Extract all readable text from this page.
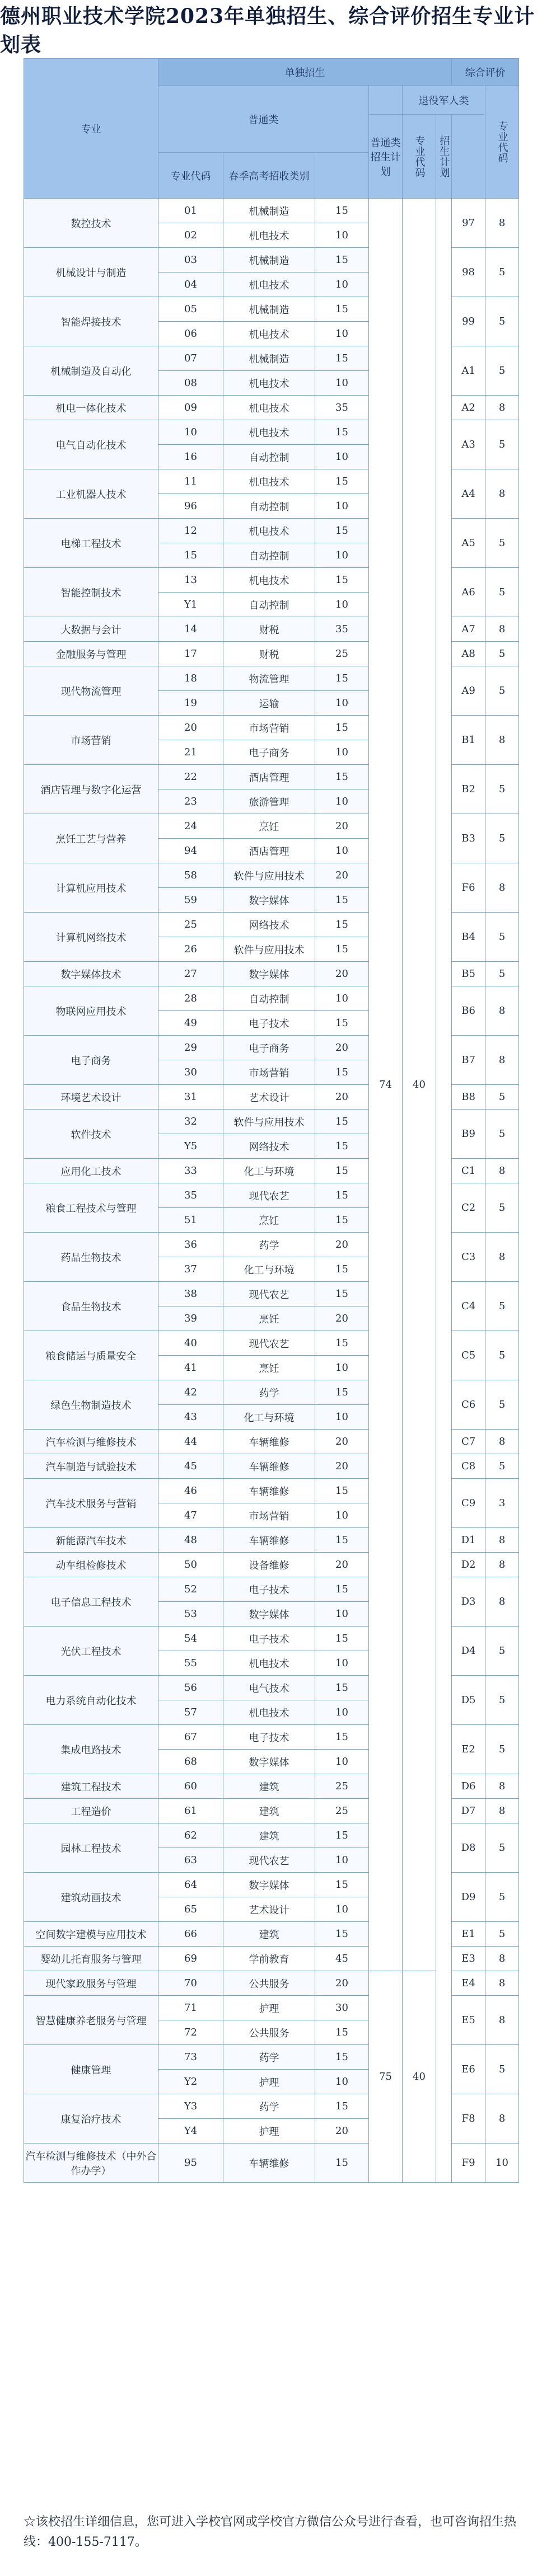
德州职业技术学院2023年单独招生、综合评价招生专业计划表
专业	单独招生						综合评价		
	普通类				退役军人类			专业代码	
				普通类招生计划	专业代码	招生计划			
	专业代码	春季高考招收类别							
数控技术	01	机械制造	15	74	40		97	8	
	02	机电技术	10						
机械设计与制造	03	机械制造	15				98	5	
	04	机电技术	10						
智能焊接技术	05	机械制造	15				99	5	
	06	机电技术	10						
机械制造及自动化	07	机械制造	15				A1	5	
	08	机电技术	10						
机电一体化技术	09	机电技术	35				A2	8	
电气自动化技术	10	机电技术	15				A3	5	
	16	自动控制	10						
工业机器人技术	11	机电技术	15				A4	8	
	96	自动控制	10						
电梯工程技术	12	机电技术	15				A5	5	
	15	自动控制	10						
智能控制技术	13	机电技术	15				A6	5	
	Y1	自动控制	10						
大数据与会计	14	财税	35				A7	8	
金融服务与管理	17	财税	25				A8	5	
现代物流管理	18	物流管理	15				A9	5	
	19	运输	10						
市场营销	20	市场营销	15				B1	8	
	21	电子商务	10						
酒店管理与数字化运营	22	酒店管理	15				B2	5	
	23	旅游管理	10						
烹饪工艺与营养	24	烹饪	20				B3	5	
	94	酒店管理	10						
计算机应用技术	58	软件与应用技术	20				F6	8	
	59	数字媒体	15						
计算机网络技术	25	网络技术	15				B4	5	
	26	软件与应用技术	15						
数字媒体技术	27	数字媒体	20				B5	5	
物联网应用技术	28	自动控制	10				B6	8	
	49	电子技术	15						
电子商务	29	电子商务	20				B7	8	
	30	市场营销	15						
环境艺术设计	31	艺术设计	20				B8	5	
软件技术	32	软件与应用技术	15				B9	5	
	Y5	网络技术	15						
应用化工技术	33	化工与环境	15				C1	8	
粮食工程技术与管理	35	现代农艺	15				C2	5	
	51	烹饪	15						
药品生物技术	36	药学	20				C3	8	
	37	化工与环境	15						
食品生物技术	38	现代农艺	15				C4	5	
	39	烹饪	20						
粮食储运与质量安全	40	现代农艺	15				C5	5	
	41	烹饪	10						
绿色生物制造技术	42	药学	15				C6	5	
	43	化工与环境	10						
汽车检测与维修技术	44	车辆维修	20				C7	8	
汽车制造与试验技术	45	车辆维修	20				C8	5	
汽车技术服务与营销	46	车辆维修	15				C9	3	
	47	市场营销	10						
新能源汽车技术	48	车辆维修	15				D1	8	
动车组检修技术	50	设备维修	20				D2	8	
电子信息工程技术	52	电子技术	15				D3	8	
	53	数字媒体	10						
光伏工程技术	54	电子技术	15				D4	5	
	55	机电技术	10						
电力系统自动化技术	56	电气技术	15				D5	5	
	57	机电技术	10						
集成电路技术	67	电子技术	15				E2	5	
	68	数字媒体	10						
建筑工程技术	60	建筑	25				D6	8	
工程造价	61	建筑	25				D7	8	
园林工程技术	62	建筑	15				D8	5	
	63	现代农艺	10						
建筑动画技术	64	数字媒体	15				D9	5	
	65	艺术设计	10						
空间数字建模与应用技术	66	建筑	15				E1	5	
婴幼儿托育服务与管理	69	学前教育	45				E3	8	
现代家政服务与管理	70	公共服务	20	75	40		E4	8	
智慧健康养老服务与管理	71	护理	30				E5	8	
	72	公共服务	15						
健康管理	73	药学	15				E6	5	
	Y2	护理	10						
康复治疗技术	Y3	药学	15				F8	8	
	Y4	护理	20						
汽车检测与维修技术（中外合作办学）	95	车辆维修	15				F9	10	
☆该校招生详细信息，您可进入学校官网或学校官方微信公众号进行查看，也可咨询招生热线：400-155-7117。
